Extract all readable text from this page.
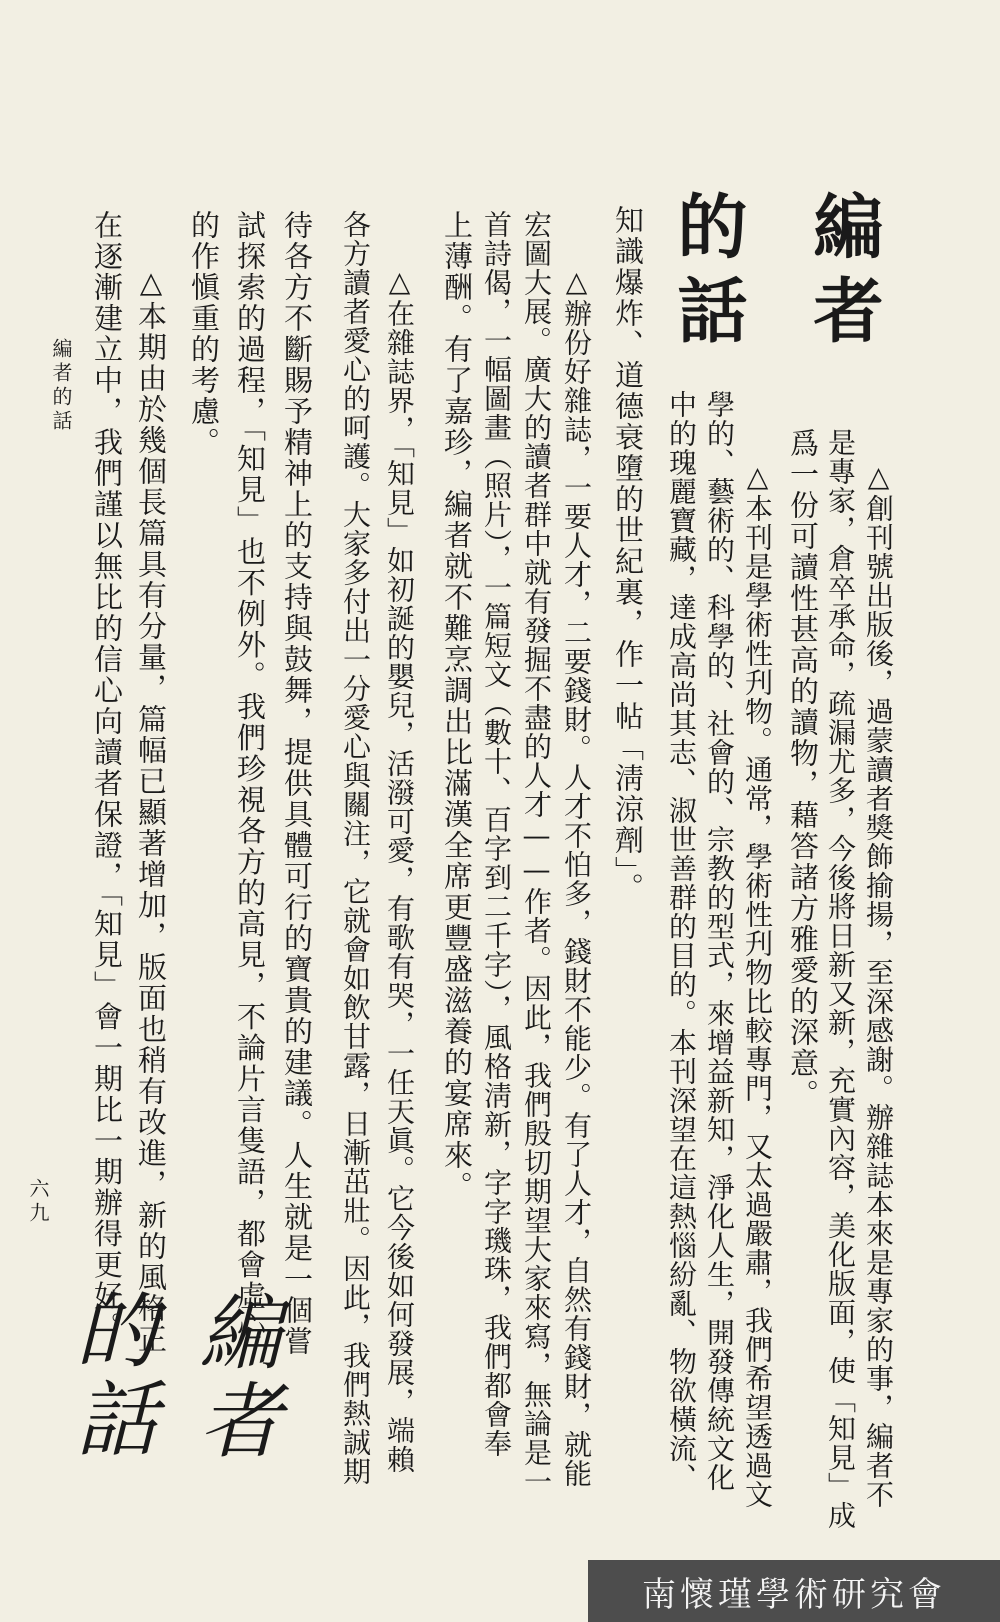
編者
的話
△創刊號出版後，過蒙讀者獎飾揄揚，至深感謝。辦雜誌本來是專家的事，編者不
是專家，倉卒承命，疏漏尤多，今後將日新又新，充實內容，美化版面，使「知見」成
爲一份可讀性甚高的讀物，藉答諸方雅愛的深意。
△本刊是學術性刋物。通常，學術性刋物比較專門，又太過嚴肅，我們希望透過文
學的、藝術的、科學的、社會的、宗教的型式，來增益新知，淨化人生，開發傳統文化
中的瑰麗寶藏，達成高尚其志、淑世善群的目的。本刊深望在這熱惱紛亂、物欲橫流、
知識爆炸、道德衰墮的世紀裏，作一帖「淸涼劑」。
△辦份好雜誌，一要人才，二要錢財。人才不怕多，錢財不能少。有了人才，自然有錢財，就能
宏圖大展。廣大的讀者群中就有發掘不盡的人才——作者。因此，我們殷切期望大家來寫，無論是一
首詩偈，一幅圖畫（照片），一篇短文（數十、百字到二千字），風格淸新，字字璣珠，我們都會奉
上薄酬。有了嘉珍，編者就不難烹調出比滿漢全席更豐盛滋養的宴席來。
△在雜誌界，「知見」如初誕的嬰兒，活潑可愛，有歌有哭，一任天眞。它今後如何發展，端賴
各方讀者愛心的呵護。大家多付出一分愛心與關注，它就會如飲甘露，日漸茁壯。因此，我們熱誠期
待各方不斷賜予精神上的支持與鼓舞，提供具體可行的寶貴的建議。人生就是一個嘗
試探索的過程，「知見」也不例外。我們珍視各方的高見，不論片言隻語，都會虛心
的作愼重的考慮。
△本期由於幾個長篇具有分量，篇幅已顯著增加，版面也稍有改進，新的風格正
在逐漸建立中，我們謹以無比的信心向讀者保證，「知見」會一期比一期辦得更好。
編者的話
六九
編者
的話
南懷瑾學術研究會
